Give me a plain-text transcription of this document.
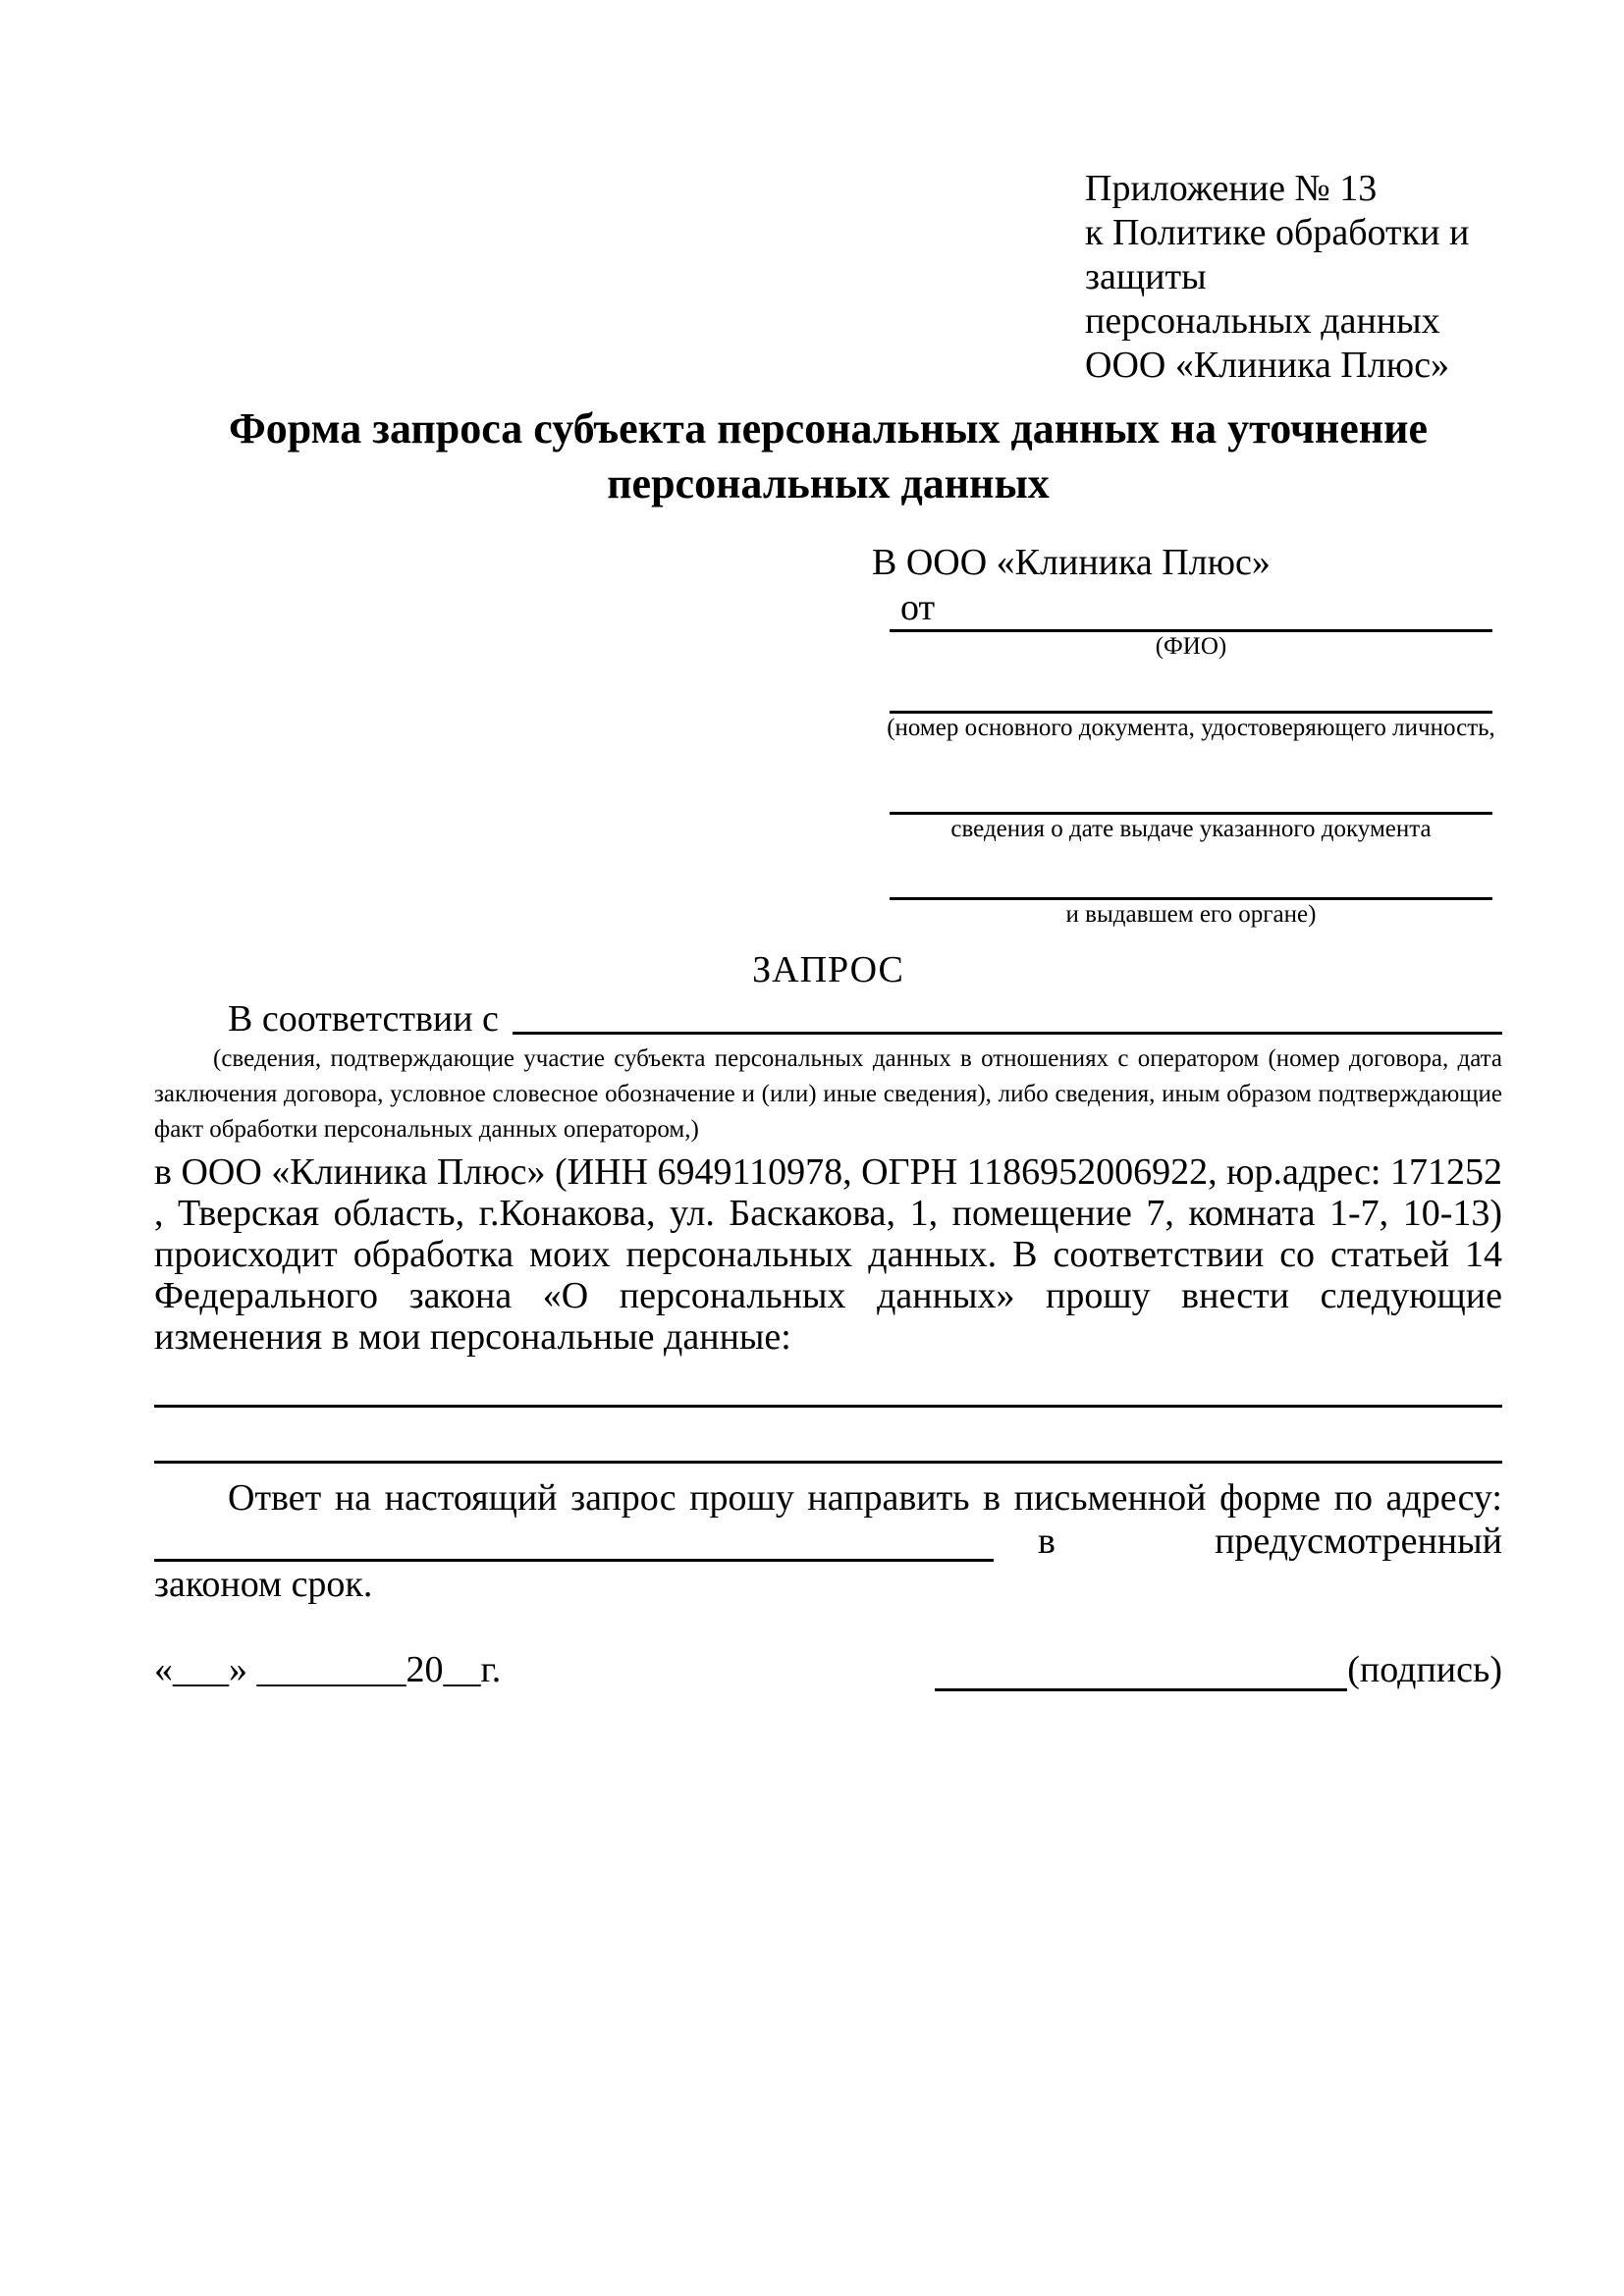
Приложение № 13
к Политике обработки и защиты
персональных данных
ООО «Клиника Плюс»
Форма запроса субъекта персональных данных на уточнение персональных данных
В ООО «Клиника Плюс»
от
(ФИО)
(номер основного документа, удостоверяющего личность,
сведения о дате выдаче указанного документа
и выдавшем его органе)
ЗАПРОС
В соответствии с
(сведения, подтверждающие участие субъекта персональных данных в отношениях с оператором (номер договора, дата заключения договора, условное словесное обозначение и (или) иные сведения), либо сведения, иным образом подтверждающие факт обработки персональных данных оператором,)

в ООО «Клиника Плюс» (ИНН 6949110978, ОГРН 1186952006922, юр.адрес: 171252 , Тверская область, г.Конакова, ул. Баскакова, 1, помещение 7, комната 1-7, 10-13) происходит обработка моих персональных данных. В соответствии со статьей 14 Федерального закона «О персональных данных» прошу внести следующие изменения в мои персональные данные:

Ответ на настоящий запрос прошу направить в письменной форме по адресу:
в предусмотренный
законом срок.
«___» ________20__г.	(подпись)
